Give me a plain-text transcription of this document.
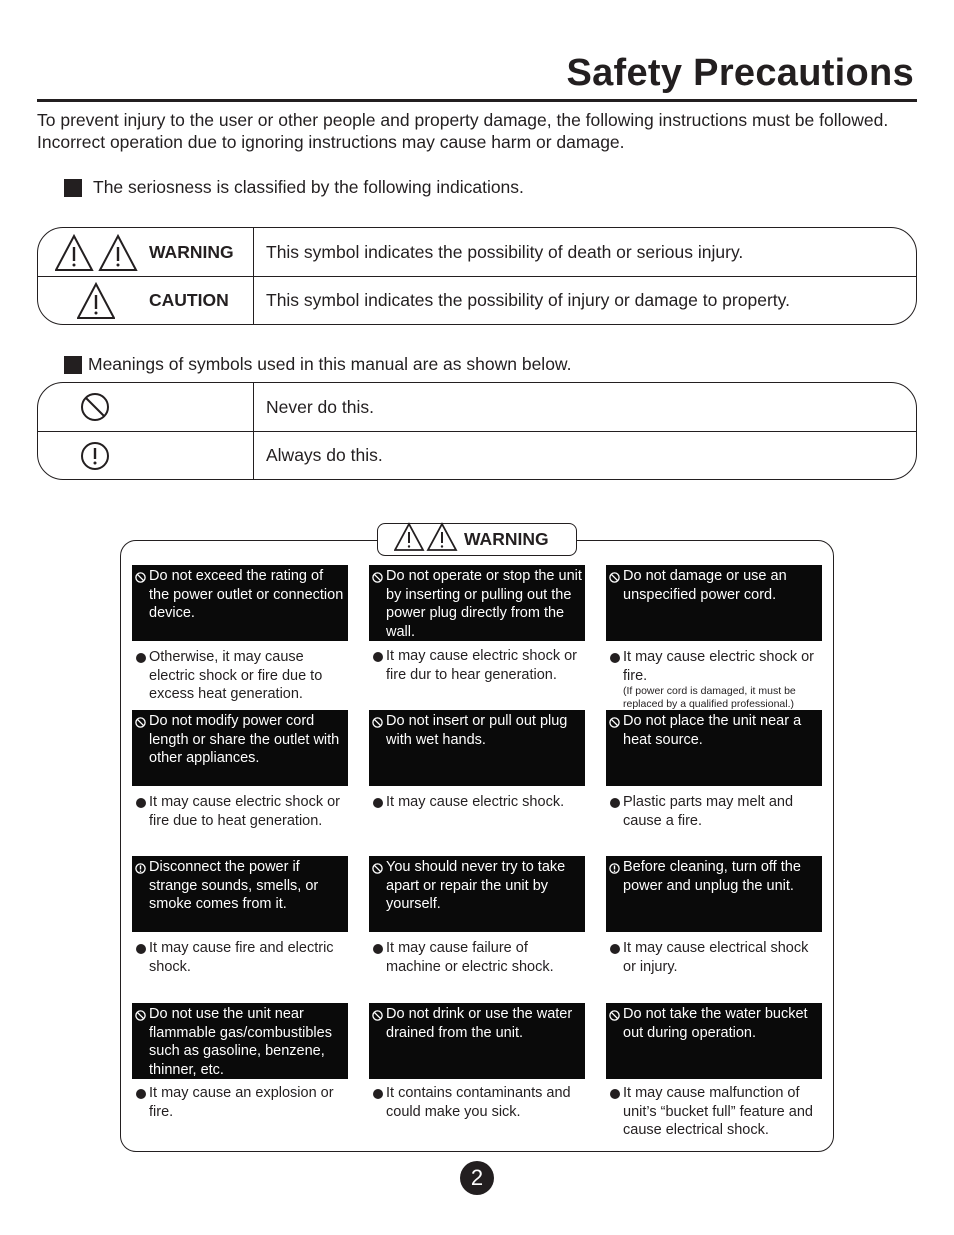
Safety Precautions
To prevent injury to the user or other people and property damage, the following instructions must be followed. Incorrect operation due to ignoring instructions may cause harm or damage.
The seriosness is classified by the following indications.
WARNING	This symbol indicates the possibility of death or serious injury.
CAUTION	This symbol indicates the possibility of injury or damage to property.
Meanings of symbols used in this manual are as shown below.
Never do this.
Always do this.
WARNING
Do not exceed the rating of the power outlet or connection device.
Otherwise, it may cause electric shock or fire due to excess heat generation.
Do not operate or stop the unit by inserting or pulling out the power plug directly from the wall.
It may cause electric shock or fire dur to hear generation.
Do not damage or use an unspecified power cord.
It may cause electric shock or fire.
(If power cord is damaged, it must be replaced by a qualified professional.)
Do not modify power cord length or share the outlet with other appliances.
It may cause electric shock or fire due to heat generation.
Do not insert or pull out plug with wet hands.
It may cause electric shock.
Do not place the unit near a heat source.
Plastic parts may melt and cause a fire.
Disconnect the power if strange sounds, smells, or smoke comes from it.
It may cause fire and electric shock.
You should never try to take apart or repair the unit by yourself.
It may cause failure of machine or electric shock.
Before cleaning, turn off the power and unplug the unit.
It may cause electrical shock or injury.
Do not use the unit near flammable gas/combustibles such as gasoline, benzene, thinner, etc.
It may cause an explosion or fire.
Do not drink or use the water drained from the unit.
It contains contaminants and could make you sick.
Do not take the water bucket out during operation.
It may cause malfunction of unit’s “bucket full” feature and cause electrical shock.
2
